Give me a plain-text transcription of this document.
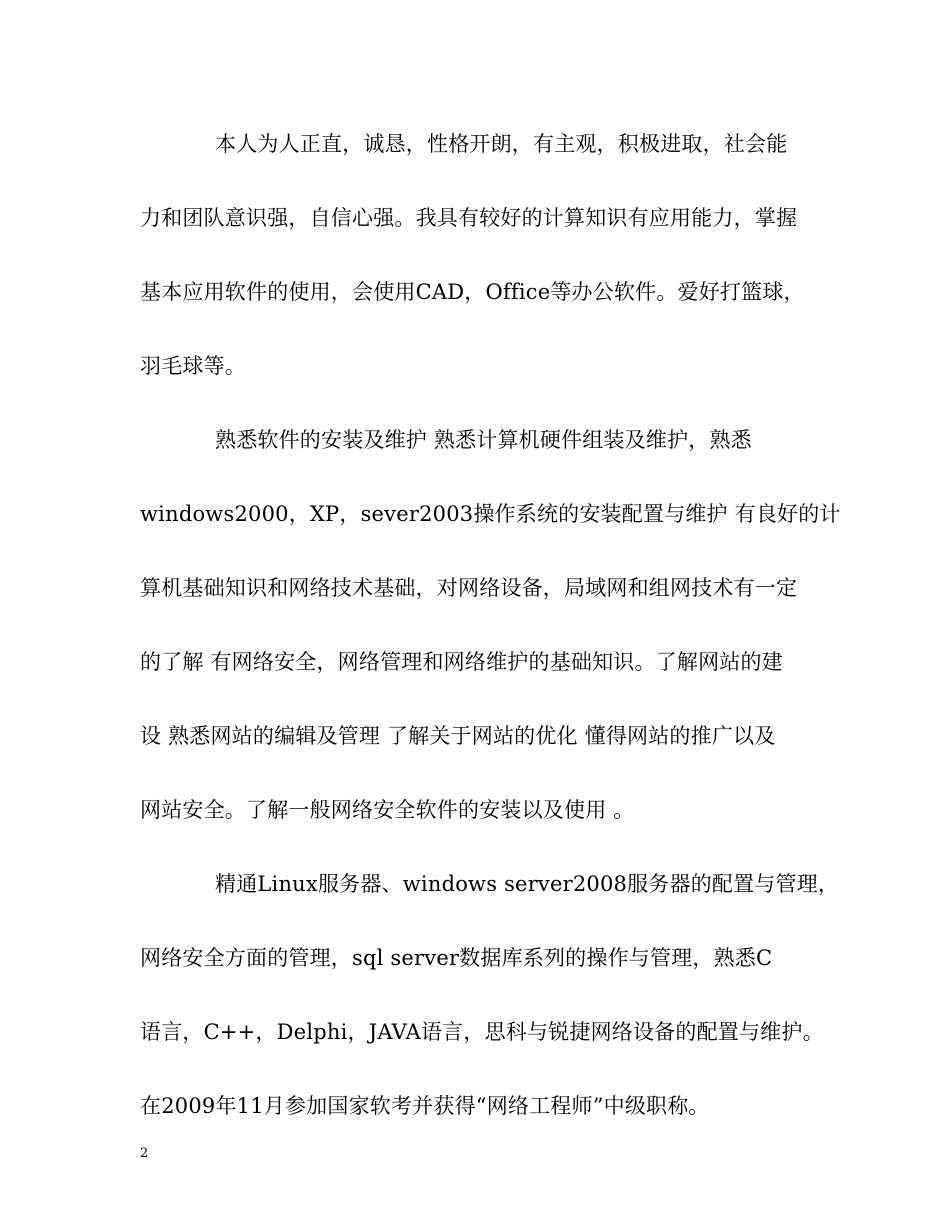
本人为人正直，诚恳，性格开朗，有主观，积极进取，社会能
力和团队意识强，自信心强。我具有较好的计算知识有应用能力，掌握
基本应用软件的使用，会使用CAD，Office等办公软件。爱好打篮球，
羽毛球等。
熟悉软件的安装及维护 熟悉计算机硬件组装及维护，熟悉
windows2000，XP，sever2003操作系统的安装配置与维护 有良好的计
算机基础知识和网络技术基础，对网络设备，局域网和组网技术有一定
的了解 有网络安全，网络管理和网络维护的基础知识。了解网站的建
设 熟悉网站的编辑及管理 了解关于网站的优化 懂得网站的推广以及
网站安全。了解一般网络安全软件的安装以及使用 。
精通Linux服务器、windows server2008服务器的配置与管理，
网络安全方面的管理，sql server数据库系列的操作与管理，熟悉C
语言，C++，Delphi，JAVA语言，思科与锐捷网络设备的配置与维护。
在2009年11月参加国家软考并获得“网络工程师”中级职称。
2
